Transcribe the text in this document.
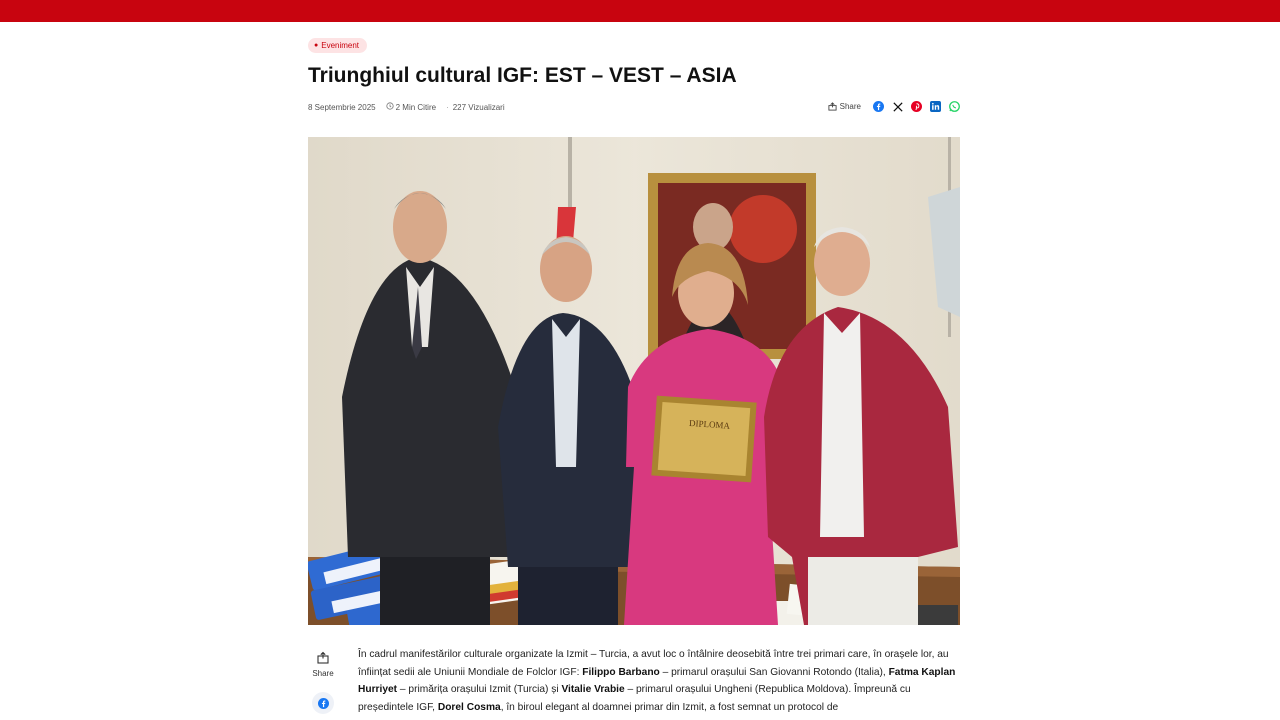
● Eveniment
Triunghiul cultural IGF: EST – VEST – ASIA
8 Septembrie 2025	2 Min Citire · 227 Vizualizari	Share
DIPLOMA
Share

În cadrul manifestărilor culturale organizate la Izmit – Turcia, a avut loc o întâlnire deosebită între trei primari care, în orașele lor, au înființat sedii ale Uniunii Mondiale de Folclor IGF: Filippo Barbano – primarul orașului San Giovanni Rotondo (Italia), Fatma Kaplan Hurriyet – primărița orașului Izmit (Turcia) și Vitalie Vrabie – primarul orașului Ungheni (Republica Moldova). Împreună cu președintele IGF, Dorel Cosma, în biroul elegant al doamnei primar din Izmit, a fost semnat un protocol de
